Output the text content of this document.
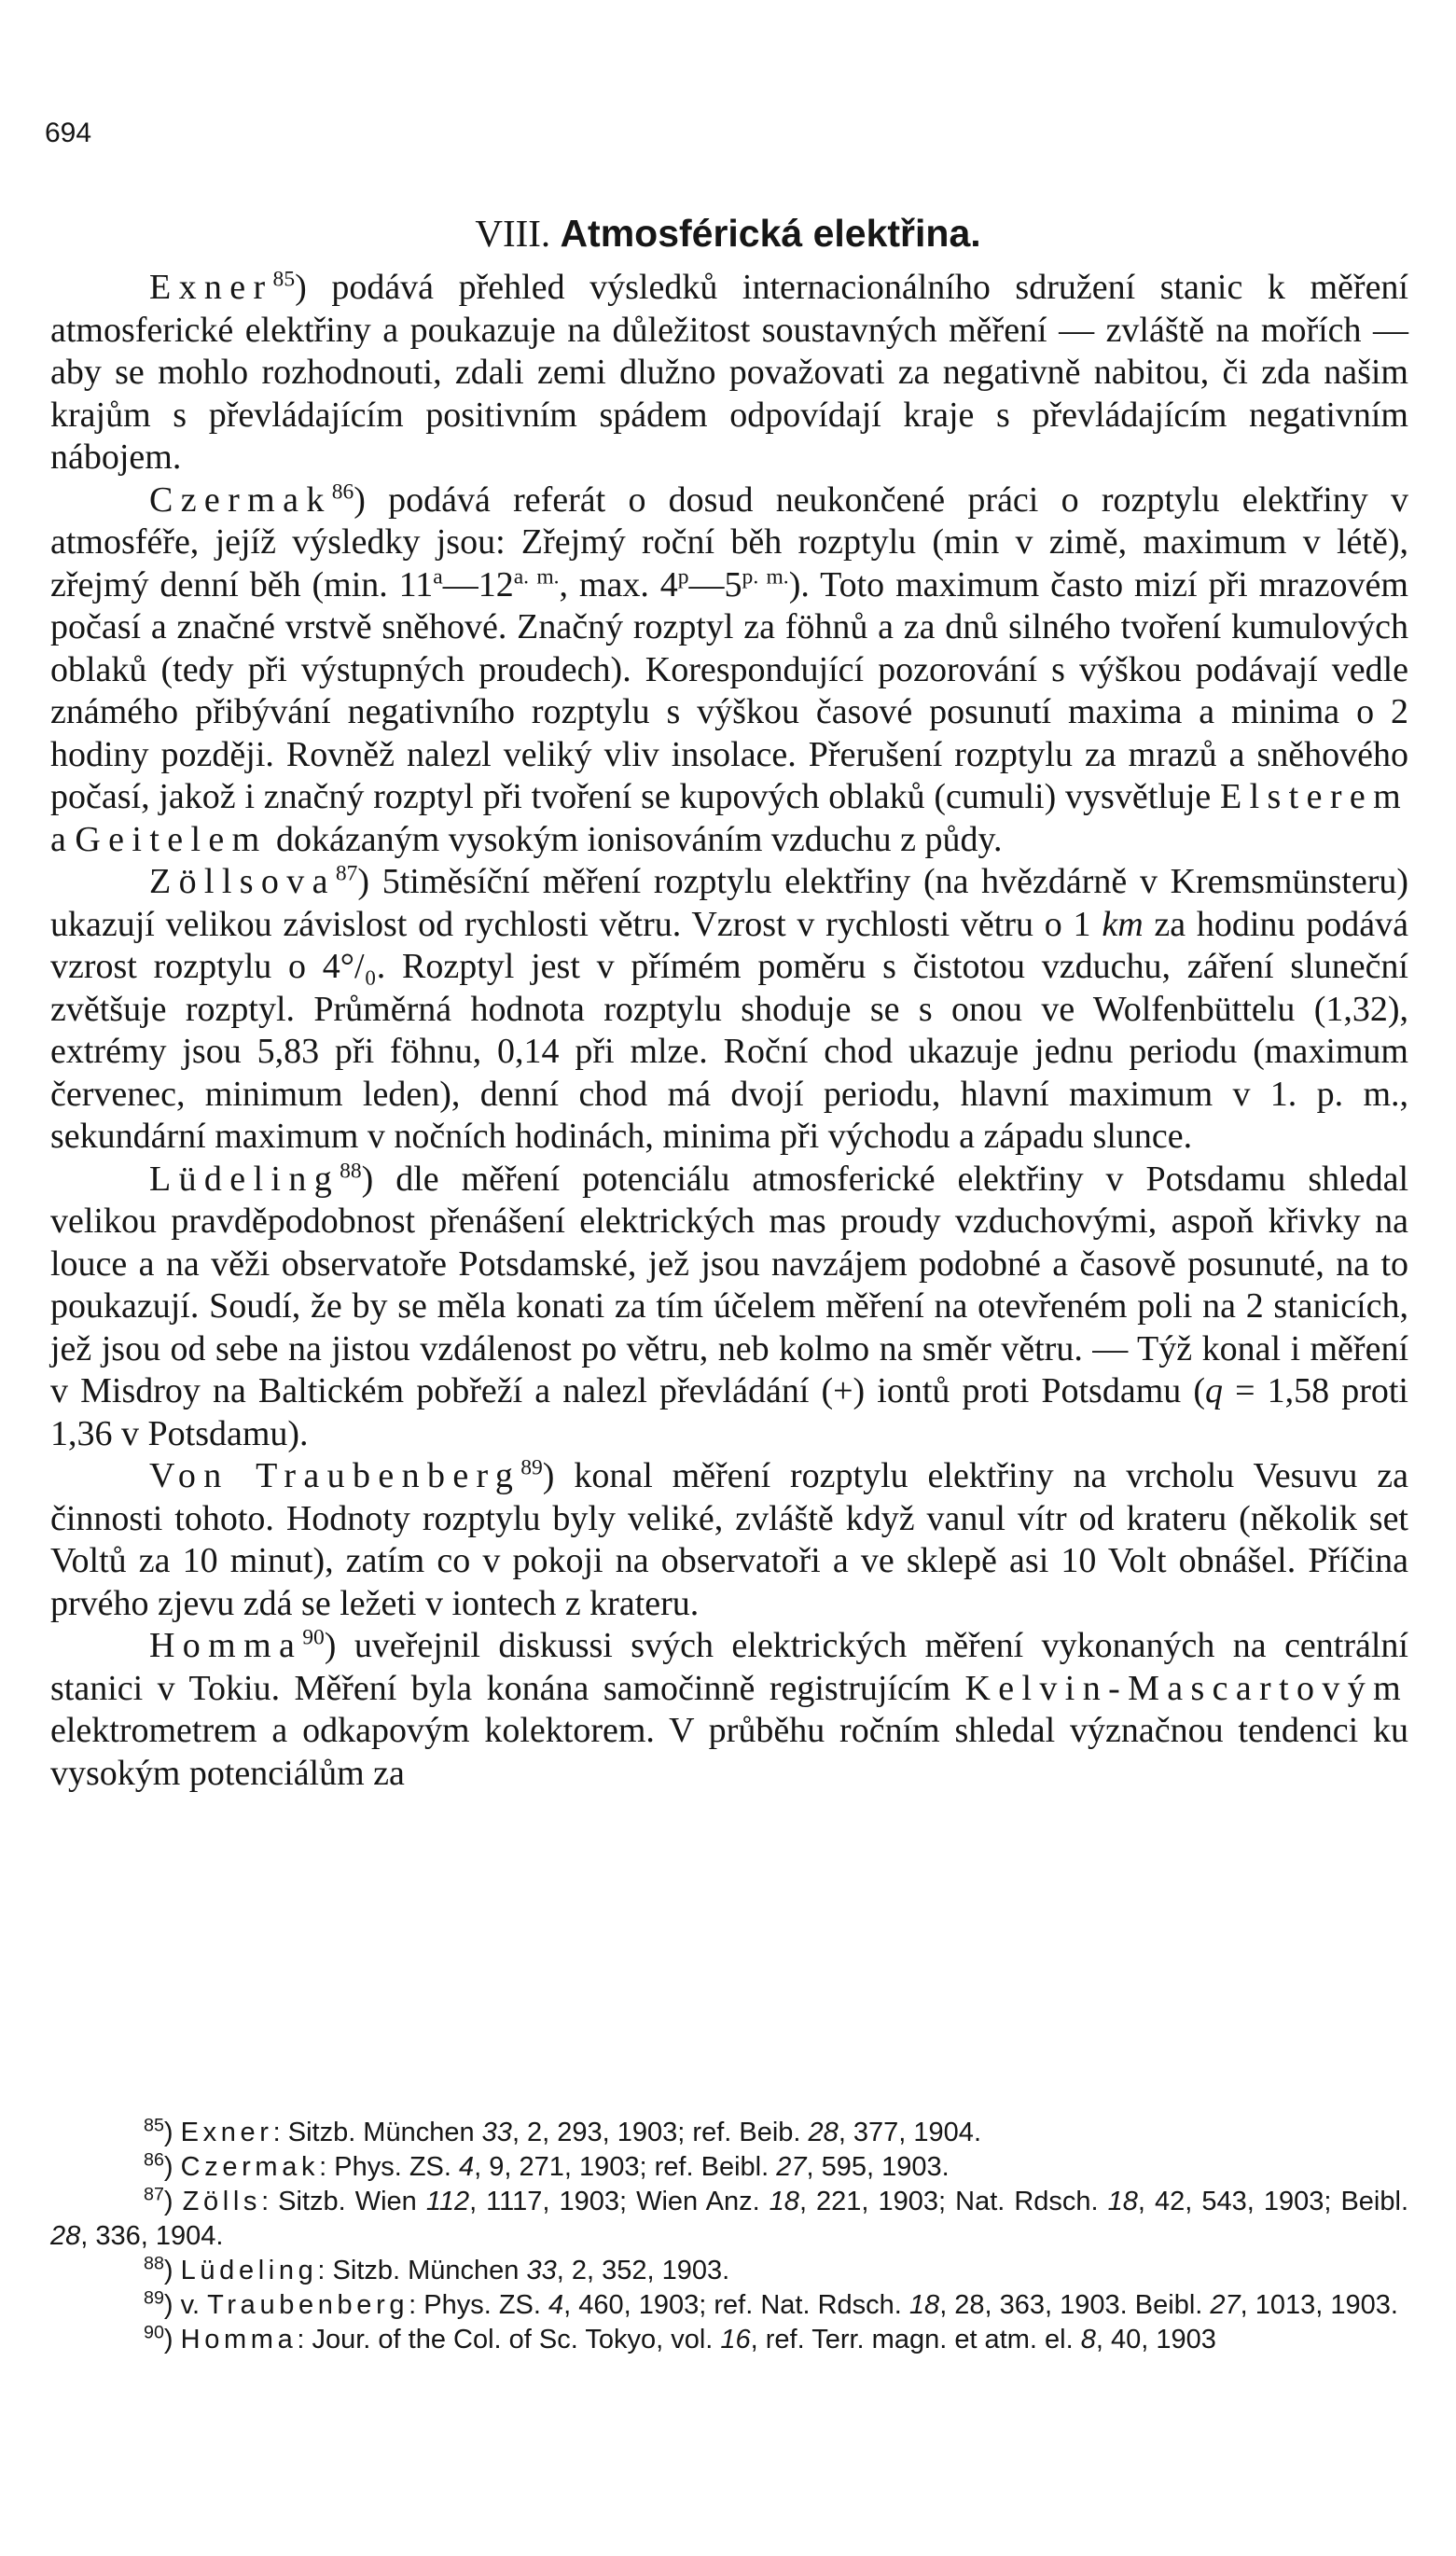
694
VIII. Atmosférická elektřina.

Exner$^{85}$) podává přehled výsledků internacionálního sdružení stanic k měření atmosferické elektřiny a poukazuje na důležitost soustavných měření — zvláště na mořích — aby se mohlo rozhodnouti, zdali zemi dlužno považovati za negativně nabitou, či zda našim krajům s převládajícím positivním spádem odpovídají kraje s převládajícím negativním nábojem.

Czermak$^{86}$) podává referát o dosud neukončené práci o rozptylu elektřiny v atmosféře, jejíž výsledky jsou: Zřejmý roční běh rozptylu (min v zimě, maximum v létě), zřejmý denní běh (min. $11^a—12^{a. m.}$, max. $4^p—5^{p. m.}$). Toto maximum často mizí při mrazovém počasí a značné vrstvě sněhové. Značný rozptyl za föhnů a za dnů silného tvoření kumulových oblaků (tedy při výstupných proudech). Korespondující pozorování s výškou podávají vedle známého přibývání negativního rozptylu s výškou časové posunutí maxima a minima o 2 hodiny později. Rovněž nalezl veliký vliv insolace. Přerušení rozptylu za mrazů a sněhového počasí, jakož i značný rozptyl při tvoření se kupových oblaků (cumuli) vysvětluje Elsterem a Geitelem dokázaným vysokým ionisováním vzduchu z půdy.

Zöllsova$^{87}$) 5timěsíční měření rozptylu elektřiny (na hvězdárně v Kremsmünsteru) ukazují velikou závislost od rychlosti větru. Vzrost v rychlosti větru o 1 km za hodinu podává vzrost rozptylu o 4°/₀. Rozptyl jest v přímém poměru s čistotou vzduchu, záření sluneční zvětšuje rozptyl. Průměrná hodnota rozptylu shoduje se s onou ve Wolfenbüttelu (1,32), extrémy jsou 5,83 při föhnu, 0,14 při mlze. Roční chod ukazuje jednu periodu (maximum červenec, minimum leden), denní chod má dvojí periodu, hlavní maximum v 1. p. m., sekundární maximum v nočních hodinách, minima při východu a západu slunce.

Lüdeling$^{88}$) dle měření potenciálu atmosferické elektřiny v Potsdamu shledal velikou pravděpodobnost přenášení elektrických mas proudy vzduchovými, aspoň křivky na louce a na věži observatoře Potsdamské, jež jsou navzájem podobné a časově posunuté, na to poukazují. Soudí, že by se měla konati za tím účelem měření na otevřeném poli na 2 stanicích, jež jsou od sebe na jistou vzdálenost po větru, neb kolmo na směr větru. — Týž konal i měření v Misdroy na Baltickém pobřeží a nalezl převládání (+) iontů proti Potsdamu (q = 1,58 proti 1,36 v Potsdamu).

Von Traubenberg$^{89}$) konal měření rozptylu elektřiny na vrcholu Vesuvu za činnosti tohoto. Hodnoty rozptylu byly veliké, zvláště když vanul vítr od krateru (několik set Voltů za 10 minut), zatím co v pokoji na observatoři a ve sklepě asi 10 Volt obnášel. Příčina prvého zjevu zdá se ležeti v iontech z krateru.

Homma$^{90}$) uveřejnil diskussi svých elektrických měření vykonaných na centrální stanici v Tokiu. Měření byla konána samočinně registrujícím Kelvin-Mascartovým elektrometrem a odkapovým kolektorem. V průběhu ročním shledal význačnou tendenci ku vysokým potenciálům za

$^{85}$) Exner: Sitzb. München 33, 2, 293, 1903; ref. Beib. 28, 377, 1904.

$^{86}$) Czermak: Phys. ZS. 4, 9, 271, 1903; ref. Beibl. 27, 595, 1903.

$^{87}$) Zölls: Sitzb. Wien 112, 1117, 1903; Wien Anz. 18, 221, 1903; Nat. Rdsch. 18, 42, 543, 1903; Beibl. 28, 336, 1904.

$^{88}$) Lüdeling: Sitzb. München 33, 2, 352, 1903.

$^{89}$) v. Traubenberg: Phys. ZS. 4, 460, 1903; ref. Nat. Rdsch. 18, 28, 363, 1903. Beibl. 27, 1013, 1903.

$^{90}$) Homma: Jour. of the Col. of Sc. Tokyo, vol. 16, ref. Terr. magn. et atm. el. 8, 40, 1903
